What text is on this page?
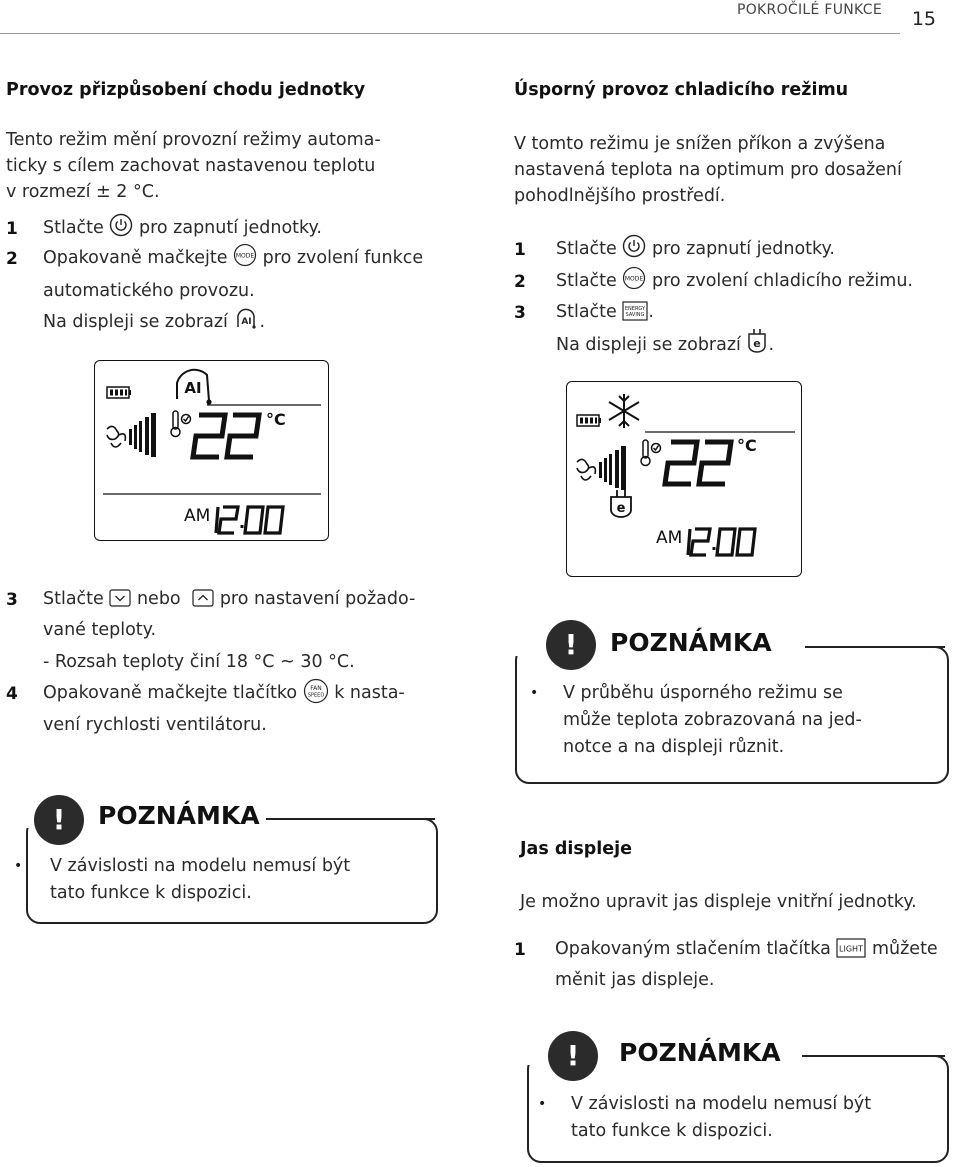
POKROČILÉ FUNKCE 15
Provoz přizpůsobení chodu jednotky
Tento režim mění provozní režimy automa-
ticky s cílem zachovat nastavenou teplotu
v rozmezí ± 2 °C.
1 Stlačte pro zapnutí jednotky.
2 Opakovaně mačkejte MODE pro zvolení funkce
automatického provozu.
Na displeji se zobrazí AI .
AI
°C
AM
3 Stlačte nebo pro nastavení požado-
vané teploty.
- Rozsah teploty činí 18 °C ~ 30 °C.
4 Opakovaně mačkejte tlačítko FAN
SPEED k nasta-
vení rychlosti ventilátoru.
!	POZNÁMKA
• V závislosti na modelu nemusí být
tato funkce k dispozici.
Úsporný provoz chladicího režimu
V tomto režimu je snížen příkon a zvýšena
nastavená teplota na optimum pro dosažení
pohodlnějšího prostředí.
1 Stlačte pro zapnutí jednotky.
2 Stlačte MODE pro zvolení chladicího režimu.
3 Stlačte ENERGY
SAVING .
Na displeji se zobrazí e .
°C
e
AM
!	POZNÁMKA
• V průběhu úsporného režimu se
může teplota zobrazovaná na jed-
notce a na displeji různit.
Jas displeje
Je možno upravit jas displeje vnitřní jednotky.
1 Opakovaným stlačením tlačítka LIGHT můžete
měnit jas displeje.
!	POZNÁMKA
• V závislosti na modelu nemusí být
tato funkce k dispozici.
